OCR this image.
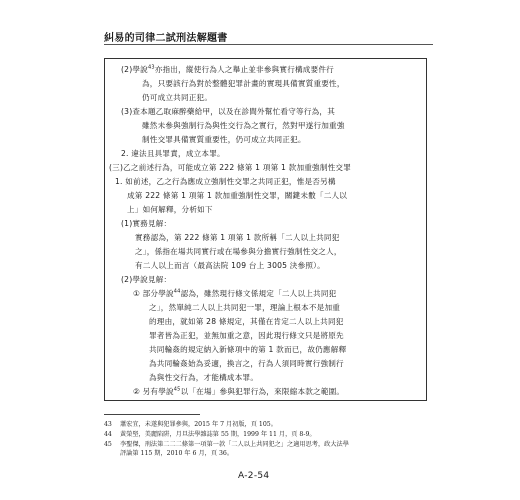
糾易的司律二試刑法解題書
(2)學說$^{43}$亦指出，縱使行為人之舉止並非參與實行構成要件行
為，只要該行為對於整體犯罪計畫的實現具備實質重要性，
仍可成立共同正犯。
(3)查本題乙取麻醉藥給甲，以及在診間外幫忙看守等行為，其
雖然未參與強制行為與性交行為之實行，然對甲遂行加重強
制性交罪具備實質重要性，仍可成立共同正犯。
2. 違法且具罪責，成立本罪。
(三)乙之前述行為，可能成立第 222 條第 1 項第 1 款加重強制性交罪
1. 如前述，乙之行為應成立強制性交罪之共同正犯，惟是否另構
成第 222 條第 1 項第 1 款加重強制性交罪，關鍵未數「二人以
上」如何解釋，分析如下
(1)實務見解：
實務認為，第 222 條第 1 項第 1 款所稱「二人以上共同犯
之」，係指在場共同實行或在場參與分擔實行強制性交之人，
有二人以上而言（最高法院 109 台上 3005 決參照）。
(2)學說見解：
① 部分學說$^{44}$認為，雖然現行條文係規定「二人以上共同犯
之」，然單純二人以上共同犯一罪，理論上根本不是加重
的理由，就如第 28 條規定，其僅在肯定二人以上共同犯
罪者皆為正犯，並無加重之意，因此現行條文只是將原先
共同輪姦的規定納入新條項中的第 1 款而已，故仍應解釋
為共同輪姦始為妥適，換言之，行為人須同時實行強制行
為與性交行為，才能構成本罪。
② 另有學說$^{45}$以「在場」參與犯罪行為，來限縮本款之範圍。
43 蕭宏宜，未遂與犯罪參與，2015 年 7 月初版，頁 105。
44 黃榮堅，美麗陷阱，月旦法學雜誌第 55 期，1999 年 11 月，頁 8-9。
45 李聖傑，刑法第二二二條第一項第一款「二人以上共同犯之」之適用思考，政大法學
評論第 115 期，2010 年 6 月，頁 36。
A-2-54
